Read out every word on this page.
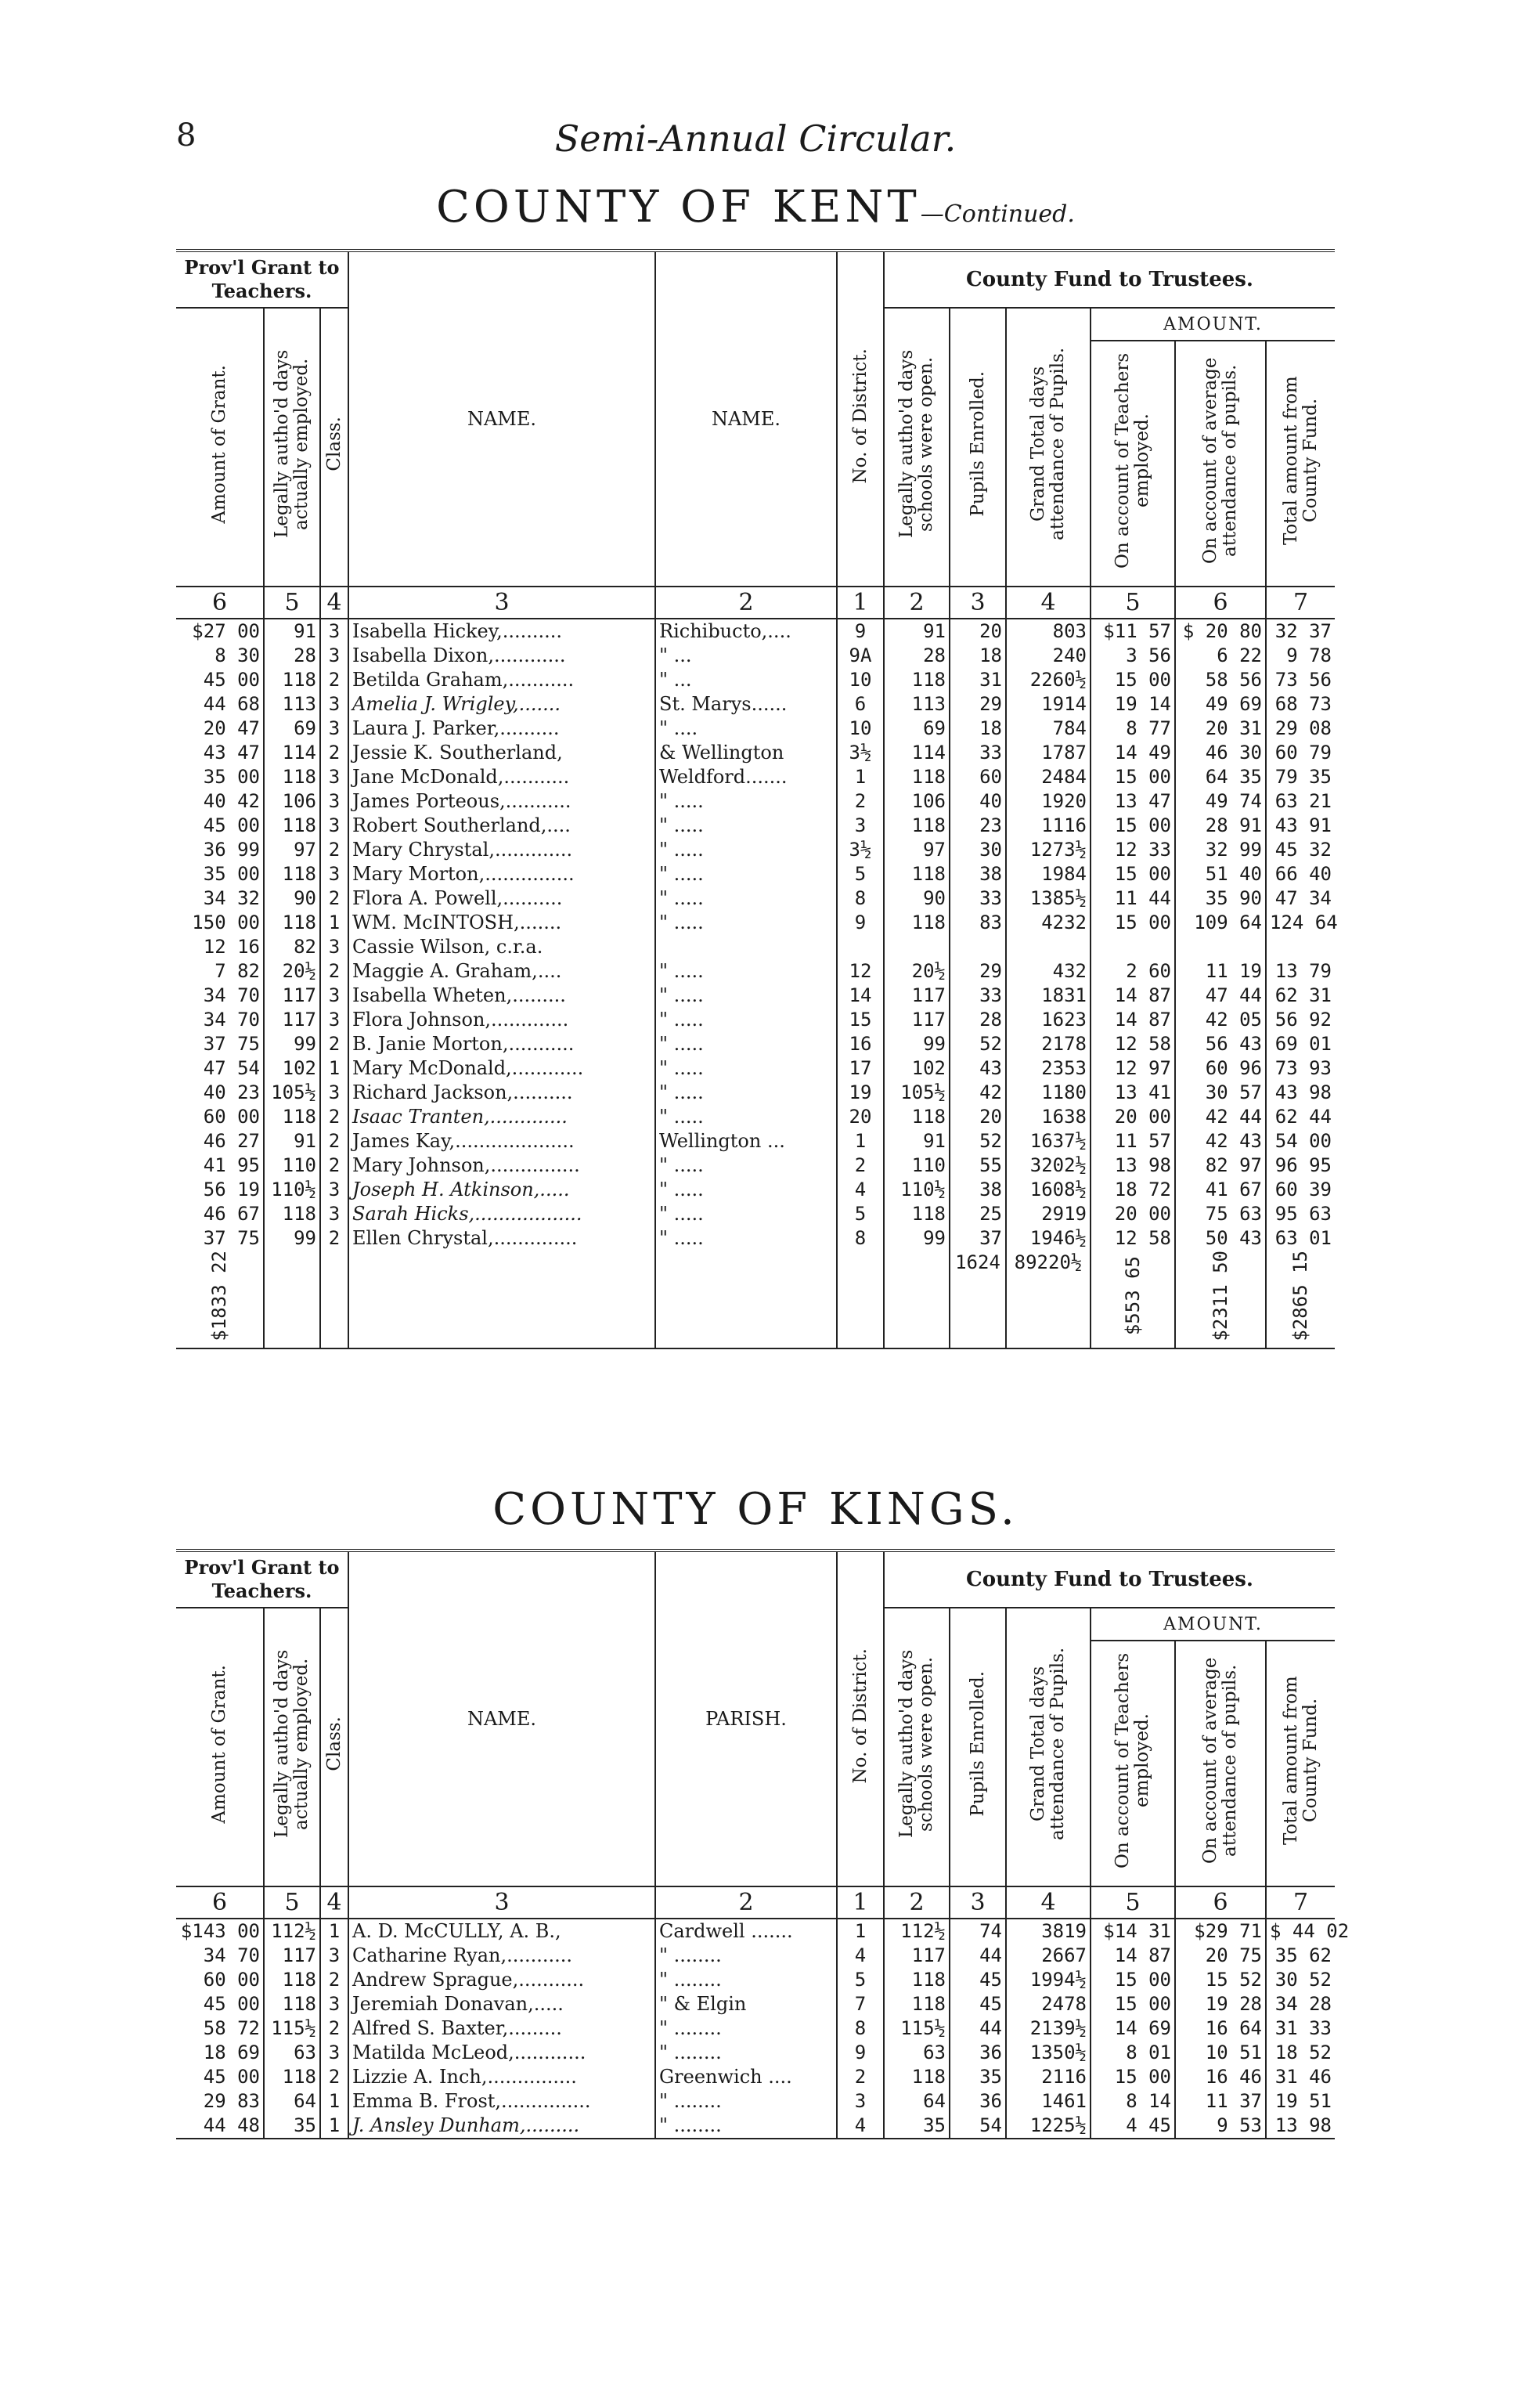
8	Semi-Annual Circular.
COUNTY OF KENT—Continued.
Prov'l Grant to Teachers.			NAME.	NAME.	No. of District.	County Fund to Trustees.					
Amount of Grant.	Legally autho'd days actually employed.	Class.				Legally autho'd days schools were open.	Pupils Enrolled.	Grand Total days attendance of Pupils.	AMOUNT.		
									On account of Teachers employed.	On account of average attendance of pupils.	Total amount from County Fund.
6	5	4	3	2	1	2	3	4	5	6	7
$27 00	91	3	Isabella Hickey,..........	Richibucto,....	9	91	20	803	$11 57	$ 20 80	32 37
8 30	28	3	Isabella Dixon,............	" ...	9A	28	18	240	3 56	6 22	9 78
45 00	118	2	Betilda Graham,...........	" ...	10	118	31	2260½	15 00	58 56	73 56
44 68	113	3	Amelia J. Wrigley,.......	St. Marys......	6	113	29	1914	19 14	49 69	68 73
20 47	69	3	Laura J. Parker,..........	" ....	10	69	18	784	8 77	20 31	29 08
43 47	114	2	Jessie K. Southerland,	& Wellington	3½	114	33	1787	14 49	46 30	60 79
35 00	118	3	Jane McDonald,...........	Weldford.......	1	118	60	2484	15 00	64 35	79 35
40 42	106	3	James Porteous,...........	" .....	2	106	40	1920	13 47	49 74	63 21
45 00	118	3	Robert Southerland,....	" .....	3	118	23	1116	15 00	28 91	43 91
36 99	97	2	Mary Chrystal,.............	" .....	3½	97	30	1273½	12 33	32 99	45 32
35 00	118	3	Mary Morton,...............	" .....	5	118	38	1984	15 00	51 40	66 40
34 32	90	2	Flora A. Powell,..........	" .....	8	90	33	1385½	11 44	35 90	47 34
150 00	118	1	WM. McINTOSH,.......	" .....	9	118	83	4232	15 00	109 64	124 64
12 16	82	3	Cassie Wilson, c.r.a.								
7 82	20½	2	Maggie A. Graham,....	" .....	12	20½	29	432	2 60	11 19	13 79
34 70	117	3	Isabella Wheten,.........	" .....	14	117	33	1831	14 87	47 44	62 31
34 70	117	3	Flora Johnson,.............	" .....	15	117	28	1623	14 87	42 05	56 92
37 75	99	2	B. Janie Morton,...........	" .....	16	99	52	2178	12 58	56 43	69 01
47 54	102	1	Mary McDonald,............	" .....	17	102	43	2353	12 97	60 96	73 93
40 23	105½	3	Richard Jackson,..........	" .....	19	105½	42	1180	13 41	30 57	43 98
60 00	118	2	Isaac Tranten,.............	" .....	20	118	20	1638	20 00	42 44	62 44
46 27	91	2	James Kay,....................	Wellington ...	1	91	52	1637½	11 57	42 43	54 00
41 95	110	2	Mary Johnson,...............	" .....	2	110	55	3202½	13 98	82 97	96 95
56 19	110½	3	Joseph H. Atkinson,.....	" .....	4	110½	38	1608½	18 72	41 67	60 39
46 67	118	3	Sarah Hicks,..................	" .....	5	118	25	2919	20 00	75 63	95 63
37 75	99	2	Ellen Chrystal,..............	" .....	8	99	37	1946½	12 58	50 43	63 01
$1833 22							1624	89220½	$553 65	$2311 50	$2865 15
COUNTY OF KINGS.
Prov'l Grant to Teachers.			NAME.	PARISH.	No. of District.	County Fund to Trustees.					
Amount of Grant.	Legally autho'd days actually employed.	Class.				Legally autho'd days schools were open.	Pupils Enrolled.	Grand Total days attendance of Pupils.	AMOUNT.		
									On account of Teachers employed.	On account of average attendance of pupils.	Total amount from County Fund.
6	5	4	3	2	1	2	3	4	5	6	7
$143 00	112½	1	A. D. McCULLY, A. B.,	Cardwell .......	1	112½	74	3819	$14 31	$29 71	$ 44 02
34 70	117	3	Catharine Ryan,...........	" ........	4	117	44	2667	14 87	20 75	35 62
60 00	118	2	Andrew Sprague,...........	" ........	5	118	45	1994½	15 00	15 52	30 52
45 00	118	3	Jeremiah Donavan,.....	" & Elgin	7	118	45	2478	15 00	19 28	34 28
58 72	115½	2	Alfred S. Baxter,.........	" ........	8	115½	44	2139½	14 69	16 64	31 33
18 69	63	3	Matilda McLeod,............	" ........	9	63	36	1350½	8 01	10 51	18 52
45 00	118	2	Lizzie A. Inch,...............	Greenwich ....	2	118	35	2116	15 00	16 46	31 46
29 83	64	1	Emma B. Frost,...............	" ........	3	64	36	1461	8 14	11 37	19 51
44 48	35	1	J. Ansley Dunham,.........	" ........	4	35	54	1225½	4 45	9 53	13 98
